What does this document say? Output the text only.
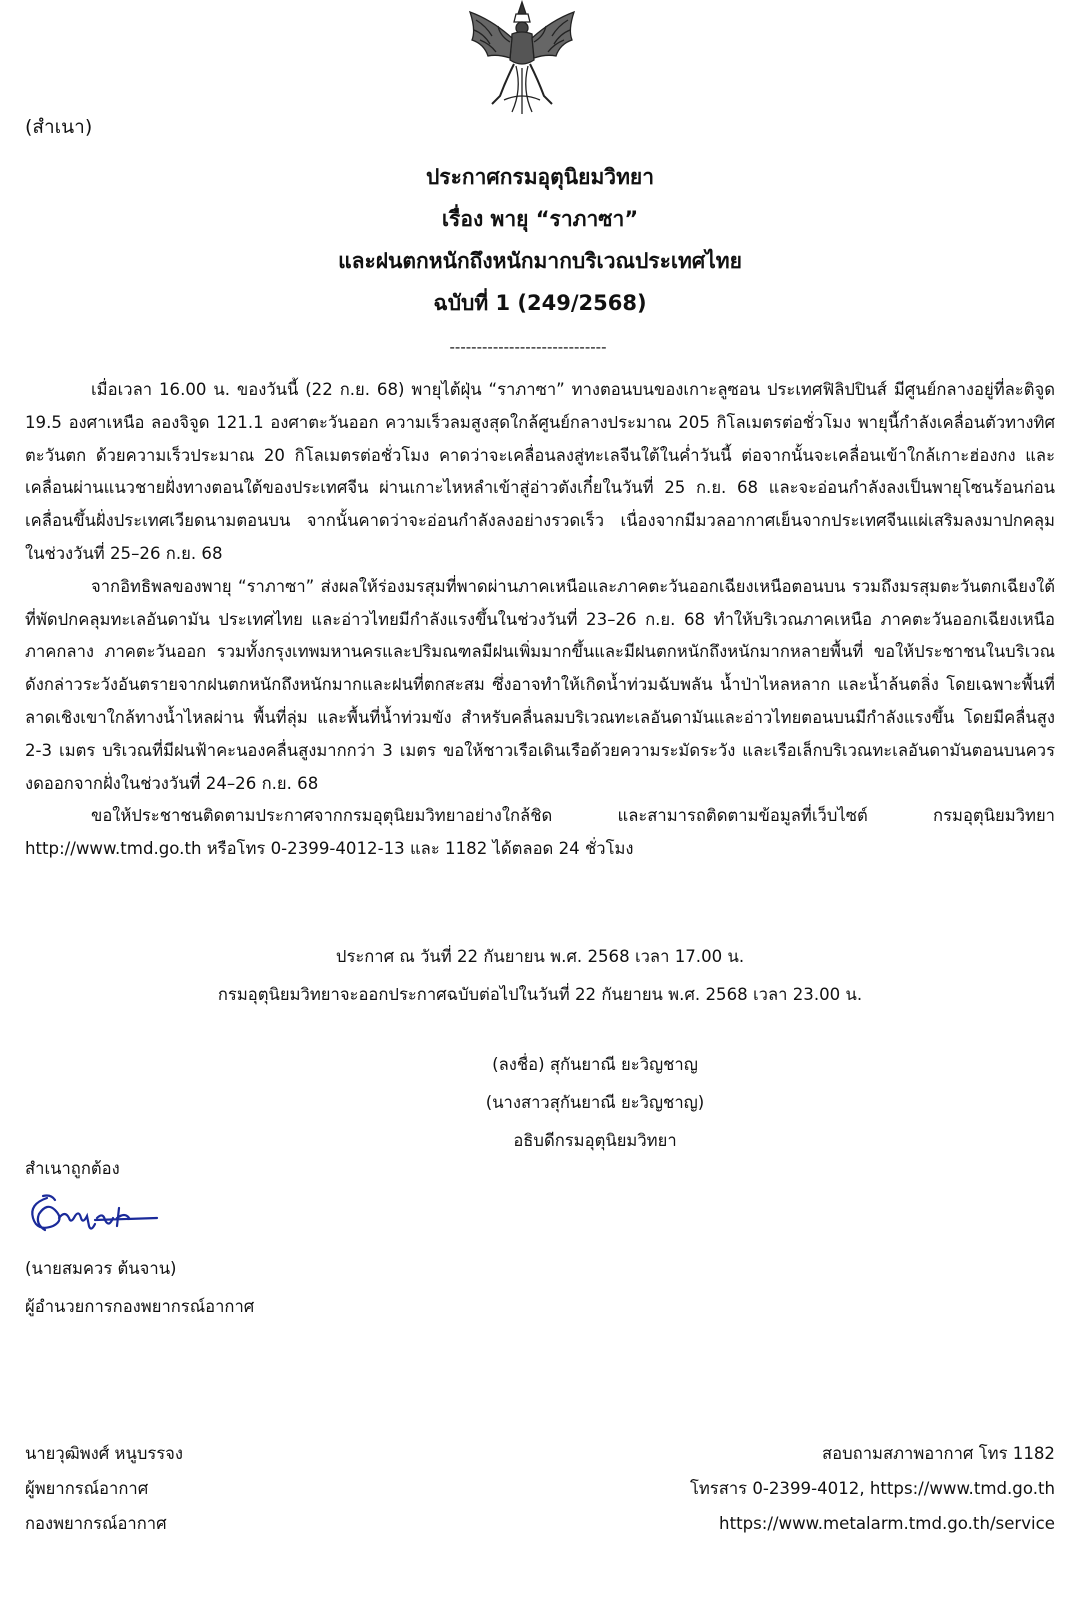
(สำเนา)
ประกาศกรมอุตุนิยมวิทยา
เรื่อง พายุ “ราภาซา”
และฝนตกหนักถึงหนักมากบริเวณประเทศไทย
ฉบับที่ 1 (249/2568)
-----------------------------

เมื่อเวลา 16.00 น. ของวันนี้ (22 ก.ย. 68) พายุไต้ฝุ่น “ราภาซา” ทางตอนบนของเกาะลูซอน ประเทศฟิลิปปินส์ มีศูนย์กลางอยู่ที่ละติจูด 19.5 องศาเหนือ ลองจิจูด 121.1 องศาตะวันออก ความเร็วลมสูงสุดใกล้ศูนย์กลางประมาณ 205 กิโลเมตรต่อชั่วโมง พายุนี้กำลังเคลื่อนตัวทางทิศตะวันตก ด้วยความเร็วประมาณ 20 กิโลเมตรต่อชั่วโมง คาดว่าจะเคลื่อนลงสู่ทะเลจีนใต้ในค่ำวันนี้ ต่อจากนั้นจะเคลื่อนเข้าใกล้เกาะฮ่องกง และเคลื่อนผ่านแนวชายฝั่งทางตอนใต้ของประเทศจีน ผ่านเกาะไหหลำเข้าสู่อ่าวตังเกี๋ยในวันที่ 25 ก.ย. 68 และจะอ่อนกำลังลงเป็นพายุโซนร้อนก่อนเคลื่อนขึ้นฝั่งประเทศเวียดนามตอนบน จากนั้นคาดว่าจะอ่อนกำลังลงอย่างรวดเร็ว เนื่องจากมีมวลอากาศเย็นจากประเทศจีนแผ่เสริมลงมาปกคลุม ในช่วงวันที่ 25–26 ก.ย. 68

จากอิทธิพลของพายุ “ราภาซา” ส่งผลให้ร่องมรสุมที่พาดผ่านภาคเหนือและภาคตะวันออกเฉียงเหนือตอนบน รวมถึงมรสุมตะวันตกเฉียงใต้ที่พัดปกคลุมทะเลอันดามัน ประเทศไทย และอ่าวไทยมีกำลังแรงขึ้นในช่วงวันที่ 23–26 ก.ย. 68 ทำให้บริเวณภาคเหนือ ภาคตะวันออกเฉียงเหนือ ภาคกลาง ภาคตะวันออก รวมทั้งกรุงเทพมหานครและปริมณฑลมีฝนเพิ่มมากขึ้นและมีฝนตกหนักถึงหนักมากหลายพื้นที่ ขอให้ประชาชนในบริเวณดังกล่าวระวังอันตรายจากฝนตกหนักถึงหนักมากและฝนที่ตกสะสม ซึ่งอาจทำให้เกิดน้ำท่วมฉับพลัน น้ำป่าไหลหลาก และน้ำล้นตลิ่ง โดยเฉพาะพื้นที่ลาดเชิงเขาใกล้ทางน้ำไหลผ่าน พื้นที่ลุ่ม และพื้นที่น้ำท่วมขัง สำหรับคลื่นลมบริเวณทะเลอันดามันและอ่าวไทยตอนบนมีกำลังแรงขึ้น โดยมีคลื่นสูง 2-3 เมตร บริเวณที่มีฝนฟ้าคะนองคลื่นสูงมากกว่า 3 เมตร ขอให้ชาวเรือเดินเรือด้วยความระมัดระวัง และเรือเล็กบริเวณทะเลอันดามันตอนบนควรงดออกจากฝั่งในช่วงวันที่ 24–26 ก.ย. 68

ขอให้ประชาชนติดตามประกาศจากกรมอุตุนิยมวิทยาอย่างใกล้ชิด และสามารถติดตามข้อมูลที่เว็บไซต์ กรมอุตุนิยมวิทยา http://www.tmd.go.th หรือโทร 0-2399-4012-13 และ 1182 ได้ตลอด 24 ชั่วโมง

ประกาศ ณ วันที่ 22 กันยายน พ.ศ. 2568 เวลา 17.00 น.
กรมอุตุนิยมวิทยาจะออกประกาศฉบับต่อไปในวันที่ 22 กันยายน พ.ศ. 2568 เวลา 23.00 น.
(ลงชื่อ) สุกันยาณี ยะวิญชาญ
(นางสาวสุกันยาณี ยะวิญชาญ)
อธิบดีกรมอุตุนิยมวิทยา
สำเนาถูกต้อง
(นายสมควร ต้นจาน)
ผู้อำนวยการกองพยากรณ์อากาศ
นายวุฒิพงศ์ หนูบรรจง
ผู้พยากรณ์อากาศ
กองพยากรณ์อากาศ
สอบถามสภาพอากาศ โทร 1182
โทรสาร 0-2399-4012, https://www.tmd.go.th
https://www.metalarm.tmd.go.th/service
